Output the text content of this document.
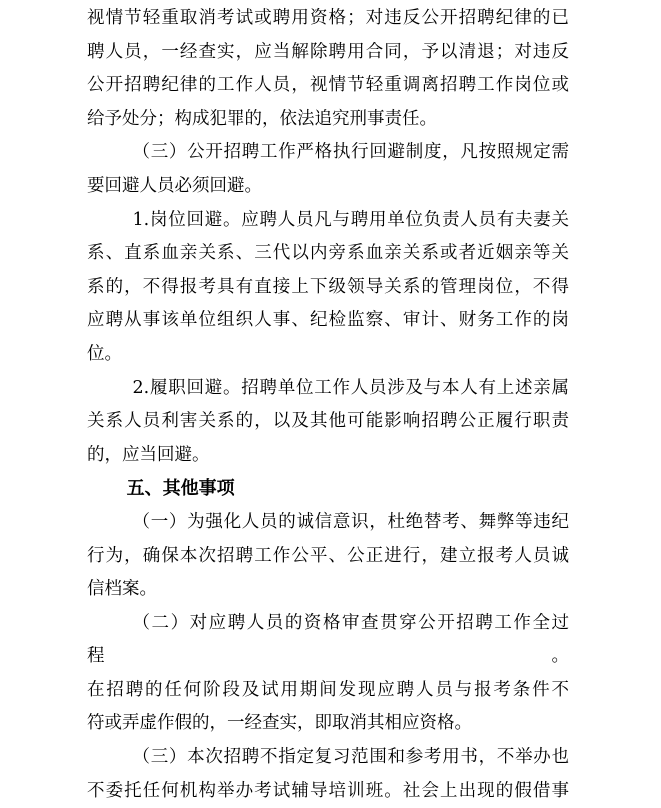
视情节轻重取消考试或聘用资格；对违反公开招聘纪律的已
聘人员，一经查实，应当解除聘用合同，予以清退；对违反
公开招聘纪律的工作人员，视情节轻重调离招聘工作岗位或
给予处分；构成犯罪的，依法追究刑事责任。

（三）公开招聘工作严格执行回避制度，凡按照规定需
要回避人员必须回避。

1.岗位回避。应聘人员凡与聘用单位负责人员有夫妻关
系、直系血亲关系、三代以内旁系血亲关系或者近姻亲等关
系的，不得报考具有直接上下级领导关系的管理岗位，不得
应聘从事该单位组织人事、纪检监察、审计、财务工作的岗
位。

2.履职回避。招聘单位工作人员涉及与本人有上述亲属
关系人员利害关系的，以及其他可能影响招聘公正履行职责
的，应当回避。

五、其他事项

（一）为强化人员的诚信意识，杜绝替考、舞弊等违纪
行为，确保本次招聘工作公平、公正进行，建立报考人员诚
信档案。

（二）对应聘人员的资格审查贯穿公开招聘工作全过程。
在招聘的任何阶段及试用期间发现应聘人员与报考条件不
符或弄虚作假的，一经查实，即取消其相应资格。

（三）本次招聘不指定复习范围和参考用书，不举办也
不委托任何机构举办考试辅导培训班。社会上出现的假借事
